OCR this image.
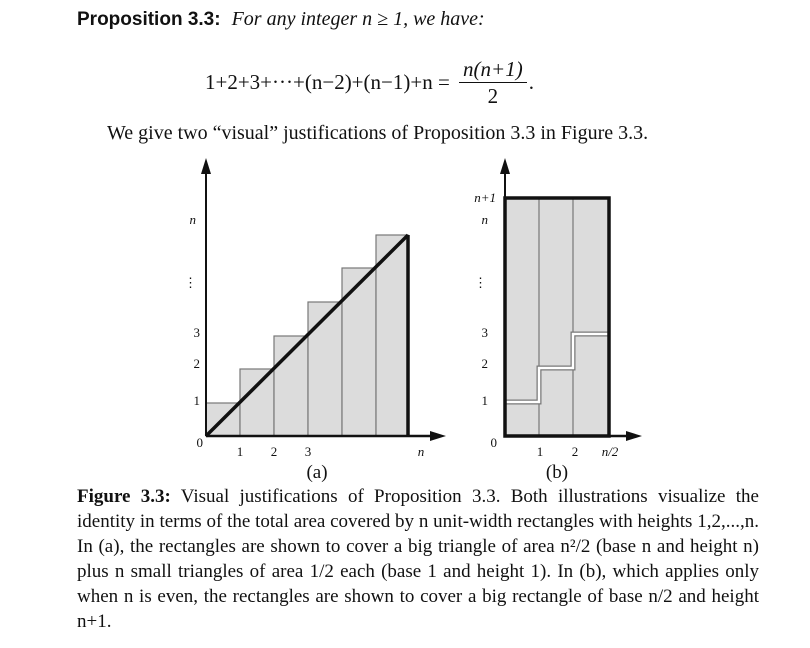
Proposition 3.3: For any integer n ≥ 1, we have:
$1+2+3+\cdot\cdot\cdot+(n-2)+(n-1)+n = \frac{n(n+1)}{2}$ .
We give two “visual” justifications of Proposition 3.3 in Figure 3.3.
n
⋮
3
2
1
0
1 2 3	n
(a)
n+1
n
⋮
3
2
1
0
1 2 n/2
(b)
Figure 3.3: Visual justifications of Proposition 3.3. Both illustrations visualize the identity in terms of the total area covered by n unit-width rectangles with heights 1,2,...,n. In (a), the rectangles are shown to cover a big triangle of area n²/2 (base n and height n) plus n small triangles of area 1/2 each (base 1 and height 1). In (b), which applies only when n is even, the rectangles are shown to cover a big rectangle of base n/2 and height n+1.
